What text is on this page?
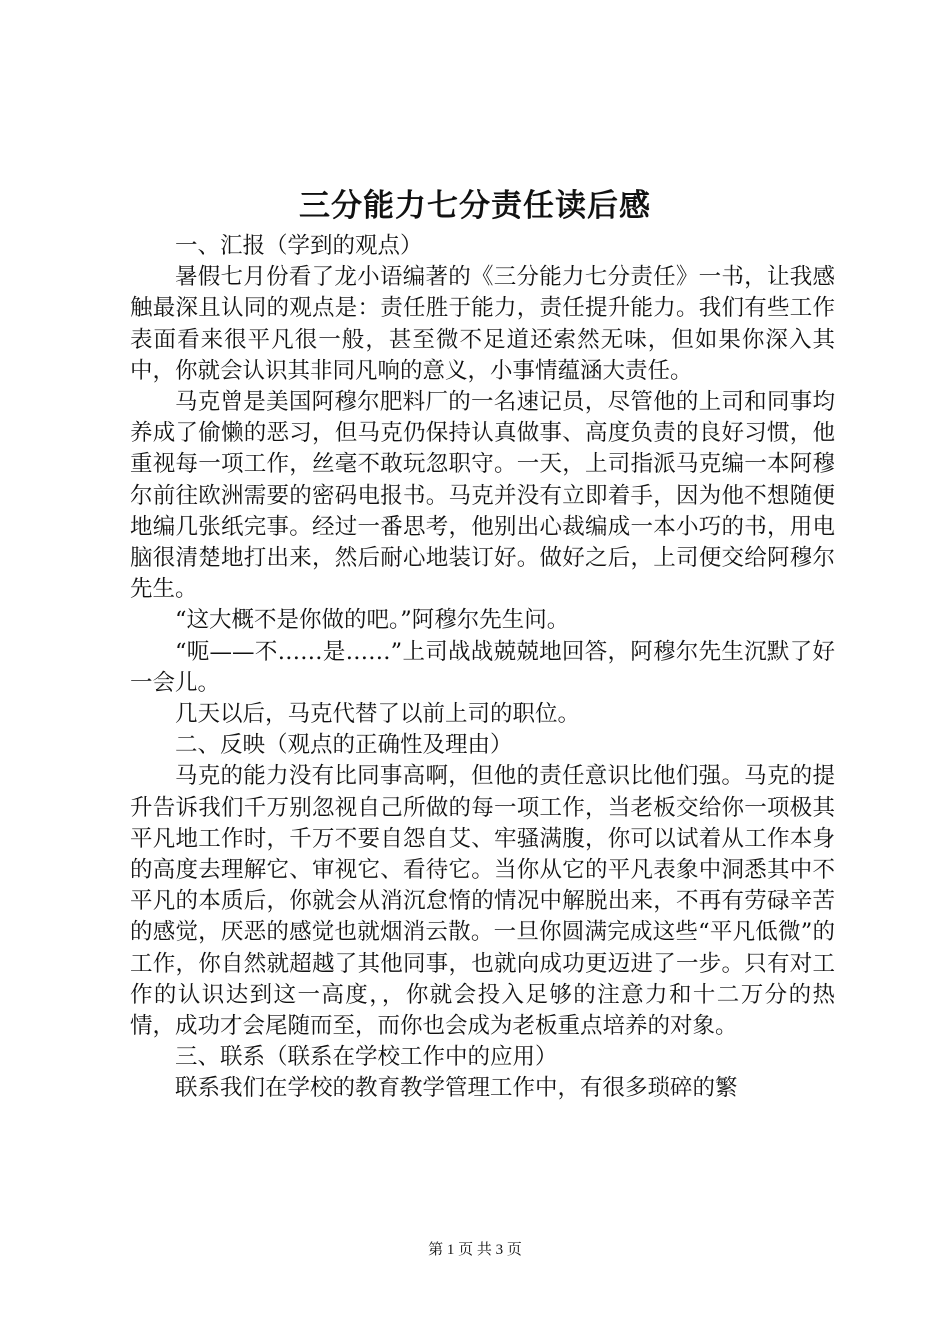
三分能力七分责任读后感

一、汇报（学到的观点）

暑假七月份看了龙小语编著的《三分能力七分责任》一书，让我感触最深且认同的观点是：责任胜于能力，责任提升能力。我们有些工作表面看来很平凡很一般，甚至微不足道还索然无味，但如果你深入其中，你就会认识其非同凡响的意义，小事情蕴涵大责任。

马克曾是美国阿穆尔肥料厂的一名速记员，尽管他的上司和同事均养成了偷懒的恶习，但马克仍保持认真做事、高度负责的良好习惯，他重视每一项工作，丝毫不敢玩忽职守。一天，上司指派马克编一本阿穆尔前往欧洲需要的密码电报书。马克并没有立即着手，因为他不想随便地编几张纸完事。经过一番思考，他别出心裁编成一本小巧的书，用电脑很清楚地打出来，然后耐心地装订好。做好之后，上司便交给阿穆尔先生。

“这大概不是你做的吧。”阿穆尔先生问。

“呃——不……是……”上司战战兢兢地回答，阿穆尔先生沉默了好一会儿。

几天以后，马克代替了以前上司的职位。

二、反映（观点的正确性及理由）

马克的能力没有比同事高啊，但他的责任意识比他们强。马克的提升告诉我们千万别忽视自己所做的每一项工作，当老板交给你一项极其平凡地工作时，千万不要自怨自艾、牢骚满腹，你可以试着从工作本身的高度去理解它、审视它、看待它。当你从它的平凡表象中洞悉其中不平凡的本质后，你就会从消沉怠惰的情况中解脱出来，不再有劳碌辛苦的感觉，厌恶的感觉也就烟消云散。一旦你圆满完成这些“平凡低微”的工作，你自然就超越了其他同事，也就向成功更迈进了一步。只有对工作的认识达到这一高度，，你就会投入足够的注意力和十二万分的热情，成功才会尾随而至，而你也会成为老板重点培养的对象。

三、联系（联系在学校工作中的应用）

联系我们在学校的教育教学管理工作中，有很多琐碎的繁

第 1 页 共 3 页
